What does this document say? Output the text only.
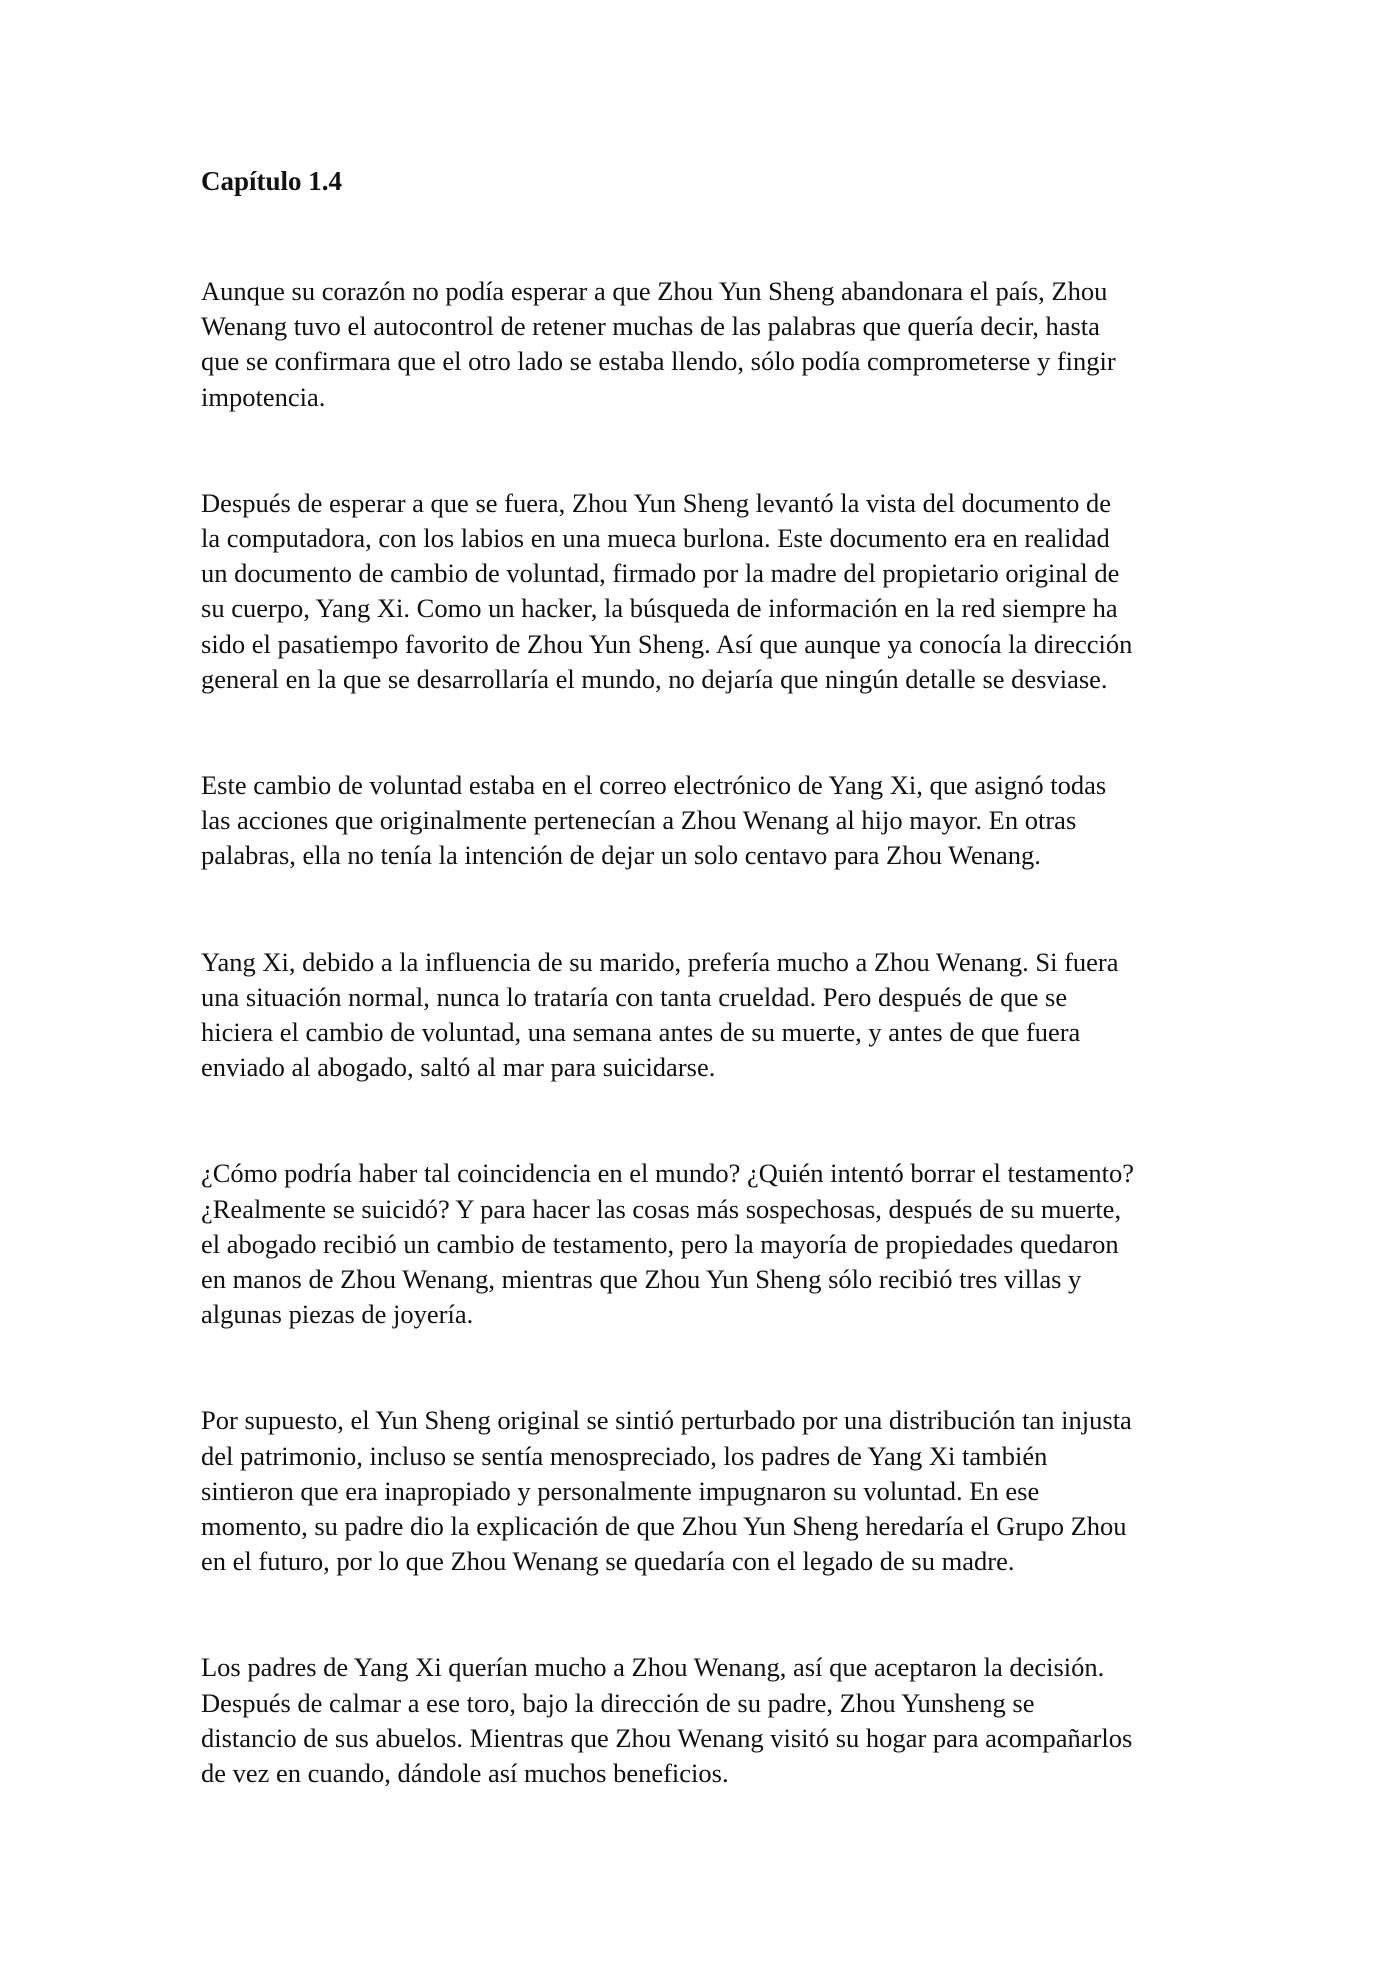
Capítulo 1.4
Aunque su corazón no podía esperar a que Zhou Yun Sheng abandonara el país, Zhou
Wenang tuvo el autocontrol de retener muchas de las palabras que quería decir, hasta
que se confirmara que el otro lado se estaba llendo, sólo podía comprometerse y fingir
impotencia.
Después de esperar a que se fuera, Zhou Yun Sheng levantó la vista del documento de
la computadora, con los labios en una mueca burlona. Este documento era en realidad
un documento de cambio de voluntad, firmado por la madre del propietario original de
su cuerpo, Yang Xi. Como un hacker, la búsqueda de información en la red siempre ha
sido el pasatiempo favorito de Zhou Yun Sheng. Así que aunque ya conocía la dirección
general en la que se desarrollaría el mundo, no dejaría que ningún detalle se desviase.
Este cambio de voluntad estaba en el correo electrónico de Yang Xi, que asignó todas
las acciones que originalmente pertenecían a Zhou Wenang al hijo mayor. En otras
palabras, ella no tenía la intención de dejar un solo centavo para Zhou Wenang.
Yang Xi, debido a la influencia de su marido, prefería mucho a Zhou Wenang. Si fuera
una situación normal, nunca lo trataría con tanta crueldad. Pero después de que se
hiciera el cambio de voluntad, una semana antes de su muerte, y antes de que fuera
enviado al abogado, saltó al mar para suicidarse.
¿Cómo podría haber tal coincidencia en el mundo? ¿Quién intentó borrar el testamento?
¿Realmente se suicidó? Y para hacer las cosas más sospechosas, después de su muerte,
el abogado recibió un cambio de testamento, pero la mayoría de propiedades quedaron
en manos de Zhou Wenang, mientras que Zhou Yun Sheng sólo recibió tres villas y
algunas piezas de joyería.
Por supuesto, el Yun Sheng original se sintió perturbado por una distribución tan injusta
del patrimonio, incluso se sentía menospreciado, los padres de Yang Xi también
sintieron que era inapropiado y personalmente impugnaron su voluntad. En ese
momento, su padre dio la explicación de que Zhou Yun Sheng heredaría el Grupo Zhou
en el futuro, por lo que Zhou Wenang se quedaría con el legado de su madre.
Los padres de Yang Xi querían mucho a Zhou Wenang, así que aceptaron la decisión.
Después de calmar a ese toro, bajo la dirección de su padre, Zhou Yunsheng se
distancio de sus abuelos. Mientras que Zhou Wenang visitó su hogar para acompañarlos
de vez en cuando, dándole así muchos beneficios.
